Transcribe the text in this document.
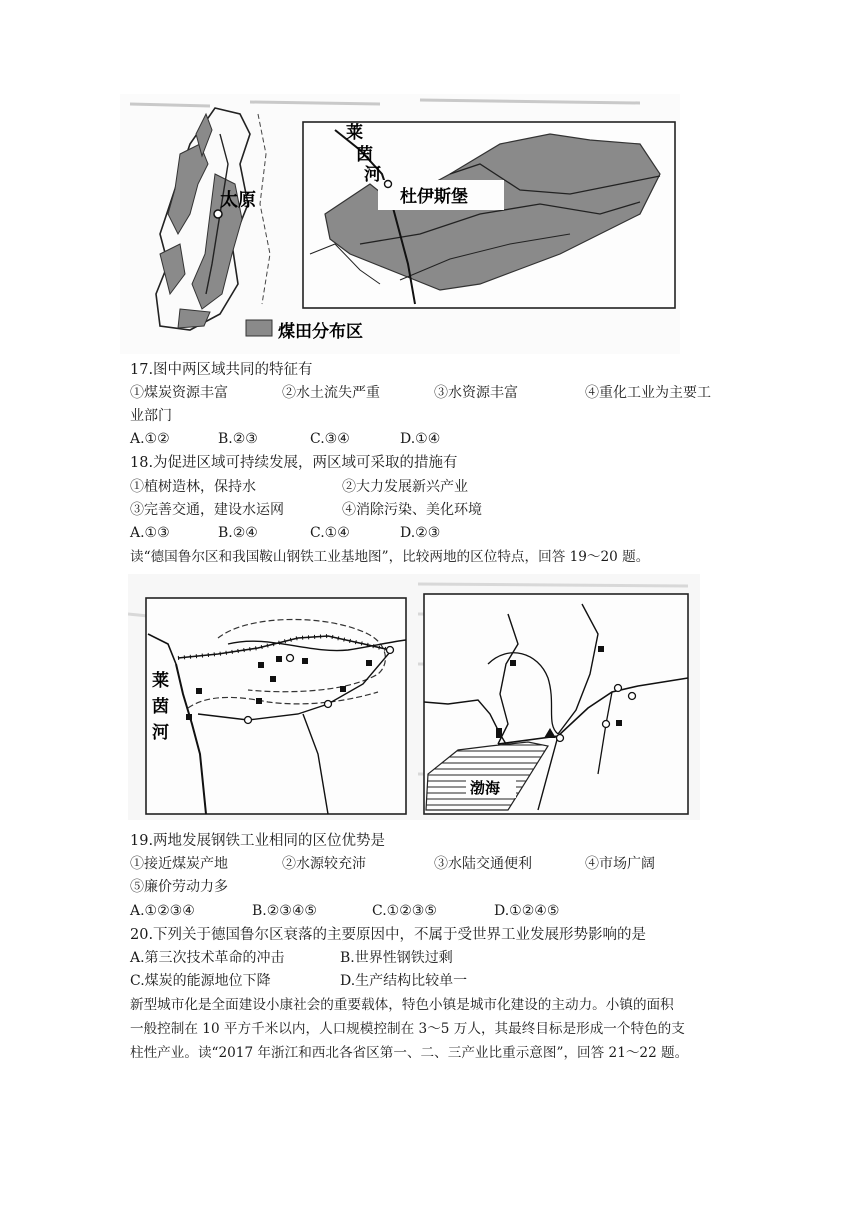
太原
莱
茵
河
杜伊斯堡
煤田分布区
17.图中两区域共同的特征有
①煤炭资源丰富	②水土流失严重	③水资源丰富	④重化工业为主要工
业部门
A.①②	B.②③	C.③④	D.①④
18.为促进区域可持续发展，两区域可采取的措施有
①植树造林，保持水	②大力发展新兴产业
③完善交通，建设水运网	④消除污染、美化环境
A.①③	B.②④	C.①④	D.②③
读“德国鲁尔区和我国鞍山钢铁工业基地图”，比较两地的区位特点，回答 19～20 题。
莱
茵
河
渤海
19.两地发展钢铁工业相同的区位优势是
①接近煤炭产地	②水源较充沛	③水陆交通便利	④市场广阔
⑤廉价劳动力多
A.①②③④	B.②③④⑤	C.①②③⑤	D.①②④⑤
20.下列关于德国鲁尔区衰落的主要原因中，不属于受世界工业发展形势影响的是
A.第三次技术革命的冲击	B.世界性钢铁过剩
C.煤炭的能源地位下降	D.生产结构比较单一
新型城市化是全面建设小康社会的重要载体，特色小镇是城市化建设的主动力。小镇的面积
一般控制在 10 平方千米以内，人口规模控制在 3～5 万人，其最终目标是形成一个特色的支
柱性产业。读“2017 年浙江和西北各省区第一、二、三产业比重示意图”，回答 21～22 题。
